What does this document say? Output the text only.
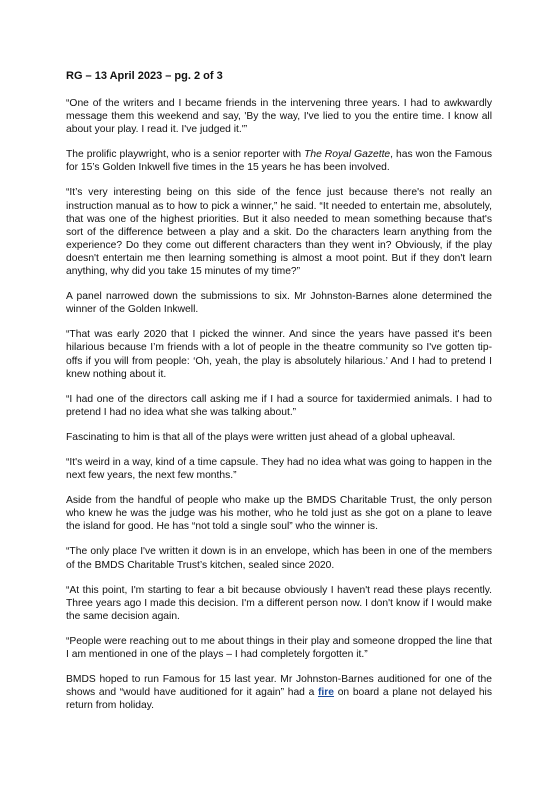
RG – 13 April 2023 – pg. 2 of 3

“One of the writers and I became friends in the intervening three years. I had to awkwardly message them this weekend and say, 'By the way, I've lied to you the entire time. I know all about your play. I read it. I've judged it.'”

The prolific playwright, who is a senior reporter with The Royal Gazette, has won the Famous for 15’s Golden Inkwell five times in the 15 years he has been involved.

“It’s very interesting being on this side of the fence just because there's not really an instruction manual as to how to pick a winner,” he said. “It needed to entertain me, absolutely, that was one of the highest priorities. But it also needed to mean something because that's sort of the difference between a play and a skit. Do the characters learn anything from the experience? Do they come out different characters than they went in? Obviously, if the play doesn't entertain me then learning something is almost a moot point. But if they don't learn anything, why did you take 15 minutes of my time?”

A panel narrowed down the submissions to six. Mr Johnston-Barnes alone determined the winner of the Golden Inkwell.

“That was early 2020 that I picked the winner. And since the years have passed it's been hilarious because I’m friends with a lot of people in the theatre community so I've gotten tip-offs if you will from people: ‘Oh, yeah, the play is absolutely hilarious.’ And I had to pretend I knew nothing about it.

“I had one of the directors call asking me if I had a source for taxidermied animals. I had to pretend I had no idea what she was talking about.”

Fascinating to him is that all of the plays were written just ahead of a global upheaval.

“It's weird in a way, kind of a time capsule. They had no idea what was going to happen in the next few years, the next few months.”

Aside from the handful of people who make up the BMDS Charitable Trust, the only person who knew he was the judge was his mother, who he told just as she got on a plane to leave the island for good. He has “not told a single soul” who the winner is.

“The only place I've written it down is in an envelope, which has been in one of the members of the BMDS Charitable Trust’s kitchen, sealed since 2020.

“At this point, I'm starting to fear a bit because obviously I haven't read these plays recently. Three years ago I made this decision. I'm a different person now. I don't know if I would make the same decision again.

“People were reaching out to me about things in their play and someone dropped the line that I am mentioned in one of the plays – I had completely forgotten it.”

BMDS hoped to run Famous for 15 last year. Mr Johnston-Barnes auditioned for one of the shows and “would have auditioned for it again” had a fire on board a plane not delayed his return from holiday.
